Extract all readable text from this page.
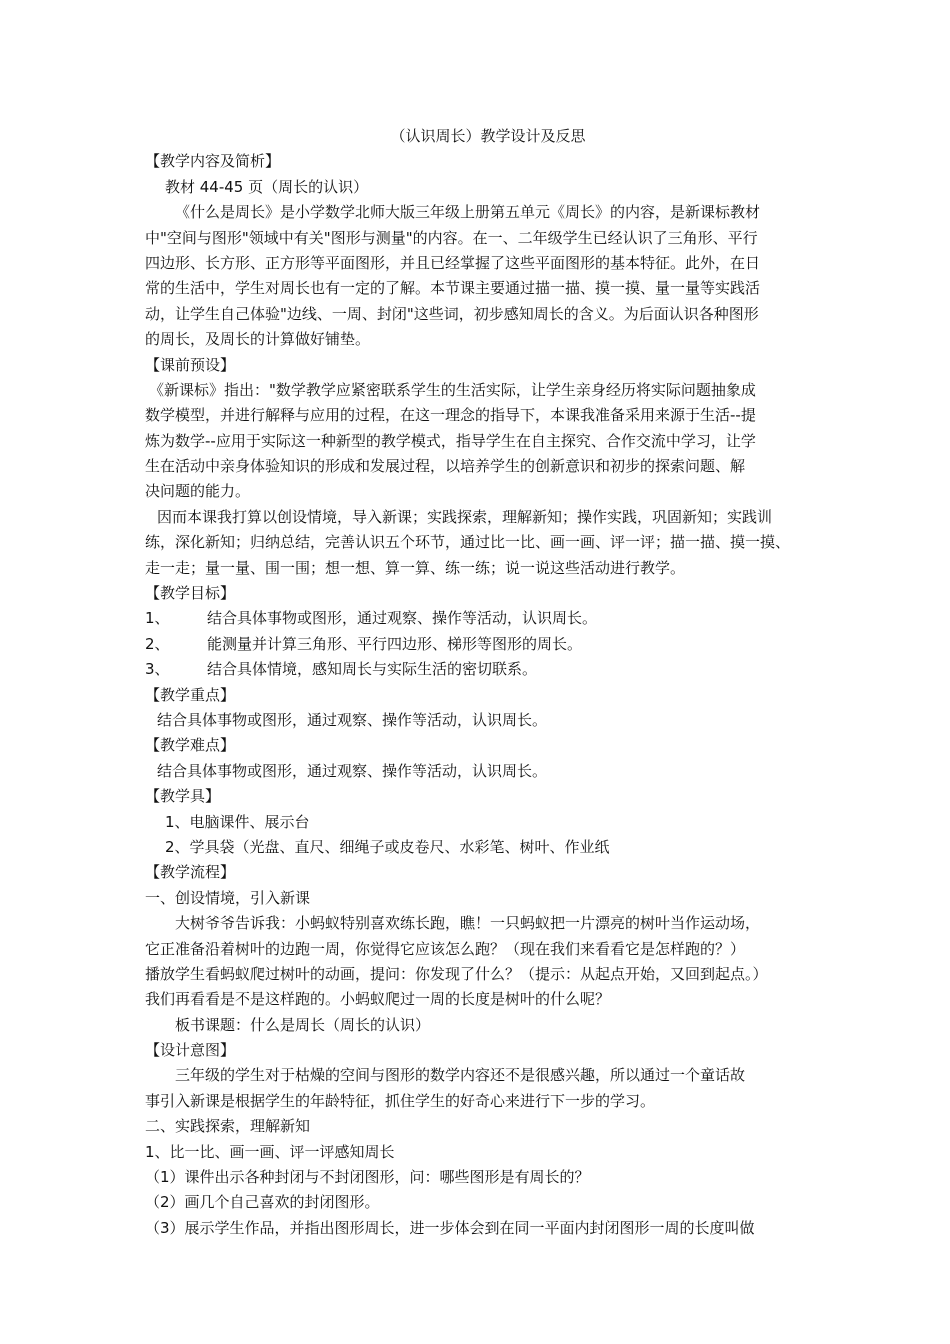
（认识周长）教学设计及反思
【教学内容及简析】
教材 44-45 页（周长的认识）
《什么是周长》是小学数学北师大版三年级上册第五单元《周长》的内容，是新课标教材
中"空间与图形"领域中有关"图形与测量"的内容。在一、二年级学生已经认识了三角形、平行
四边形、长方形、正方形等平面图形，并且已经掌握了这些平面图形的基本特征。此外，在日
常的生活中，学生对周长也有一定的了解。本节课主要通过描一描、摸一摸、量一量等实践活
动，让学生自己体验"边线、一周、封闭"这些词，初步感知周长的含义。为后面认识各种图形
的周长，及周长的计算做好铺垫。
【课前预设】
《新课标》指出："数学教学应紧密联系学生的生活实际，让学生亲身经历将实际问题抽象成
数学模型，并进行解释与应用的过程，在这一理念的指导下，本课我准备采用来源于生活--提
炼为数学--应用于实际这一种新型的教学模式，指导学生在自主探究、合作交流中学习，让学
生在活动中亲身体验知识的形成和发展过程，以培养学生的创新意识和初步的探索问题、解
决问题的能力。
因而本课我打算以创设情境，导入新课；实践探索，理解新知；操作实践，巩固新知；实践训
练，深化新知；归纳总结，完善认识五个环节，通过比一比、画一画、评一评；描一描、摸一摸、
走一走；量一量、围一围；想一想、算一算、练一练；说一说这些活动进行教学。
【教学目标】
1、 结合具体事物或图形，通过观察、操作等活动，认识周长。
2、 能测量并计算三角形、平行四边形、梯形等图形的周长。
3、 结合具体情境，感知周长与实际生活的密切联系。
【教学重点】
结合具体事物或图形，通过观察、操作等活动，认识周长。
【教学难点】
结合具体事物或图形，通过观察、操作等活动，认识周长。
【教学具】
1、电脑课件、展示台
2、学具袋（光盘、直尺、细绳子或皮卷尺、水彩笔、树叶、作业纸
【教学流程】
一、创设情境，引入新课
大树爷爷告诉我：小蚂蚁特别喜欢练长跑，瞧！一只蚂蚁把一片漂亮的树叶当作运动场，
它正准备沿着树叶的边跑一周，你觉得它应该怎么跑？（现在我们来看看它是怎样跑的？）
播放学生看蚂蚁爬过树叶的动画，提问：你发现了什么？（提示：从起点开始，又回到起点。）
我们再看看是不是这样跑的。小蚂蚁爬过一周的长度是树叶的什么呢？
板书课题：什么是周长（周长的认识）
【设计意图】
三年级的学生对于枯燥的空间与图形的数学内容还不是很感兴趣，所以通过一个童话故
事引入新课是根据学生的年龄特征，抓住学生的好奇心来进行下一步的学习。
二、实践探索，理解新知
1、比一比、画一画、评一评感知周长
（1）课件出示各种封闭与不封闭图形，问：哪些图形是有周长的？
（2）画几个自己喜欢的封闭图形。
（3）展示学生作品，并指出图形周长，进一步体会到在同一平面内封闭图形一周的长度叫做
